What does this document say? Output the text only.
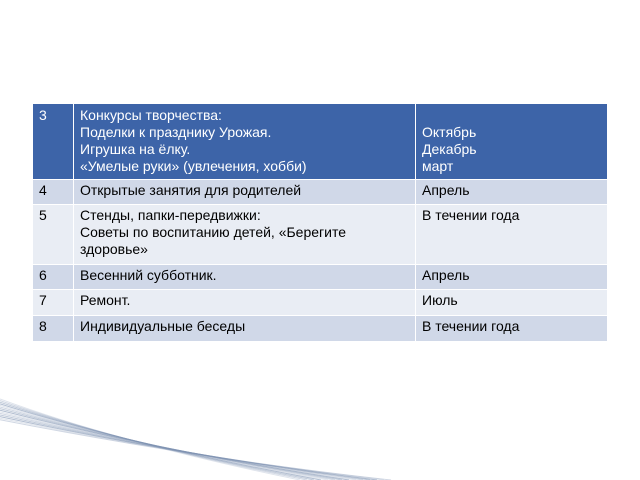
3	Конкурсы творчества:
Поделки к празднику Урожая.
Игрушка на ёлку.
«Умелые руки» (увлечения, хобби)	Октябрь
Декабрь
март

4	Открытые занятия для родителей	Апрель
5	Стенды, папки-передвижки:
Советы по воспитанию детей, «Берегите здоровье»	В течении года
6	Весенний субботник.	Апрель
7	Ремонт.	Июль
8	Индивидуальные беседы	В течении года
